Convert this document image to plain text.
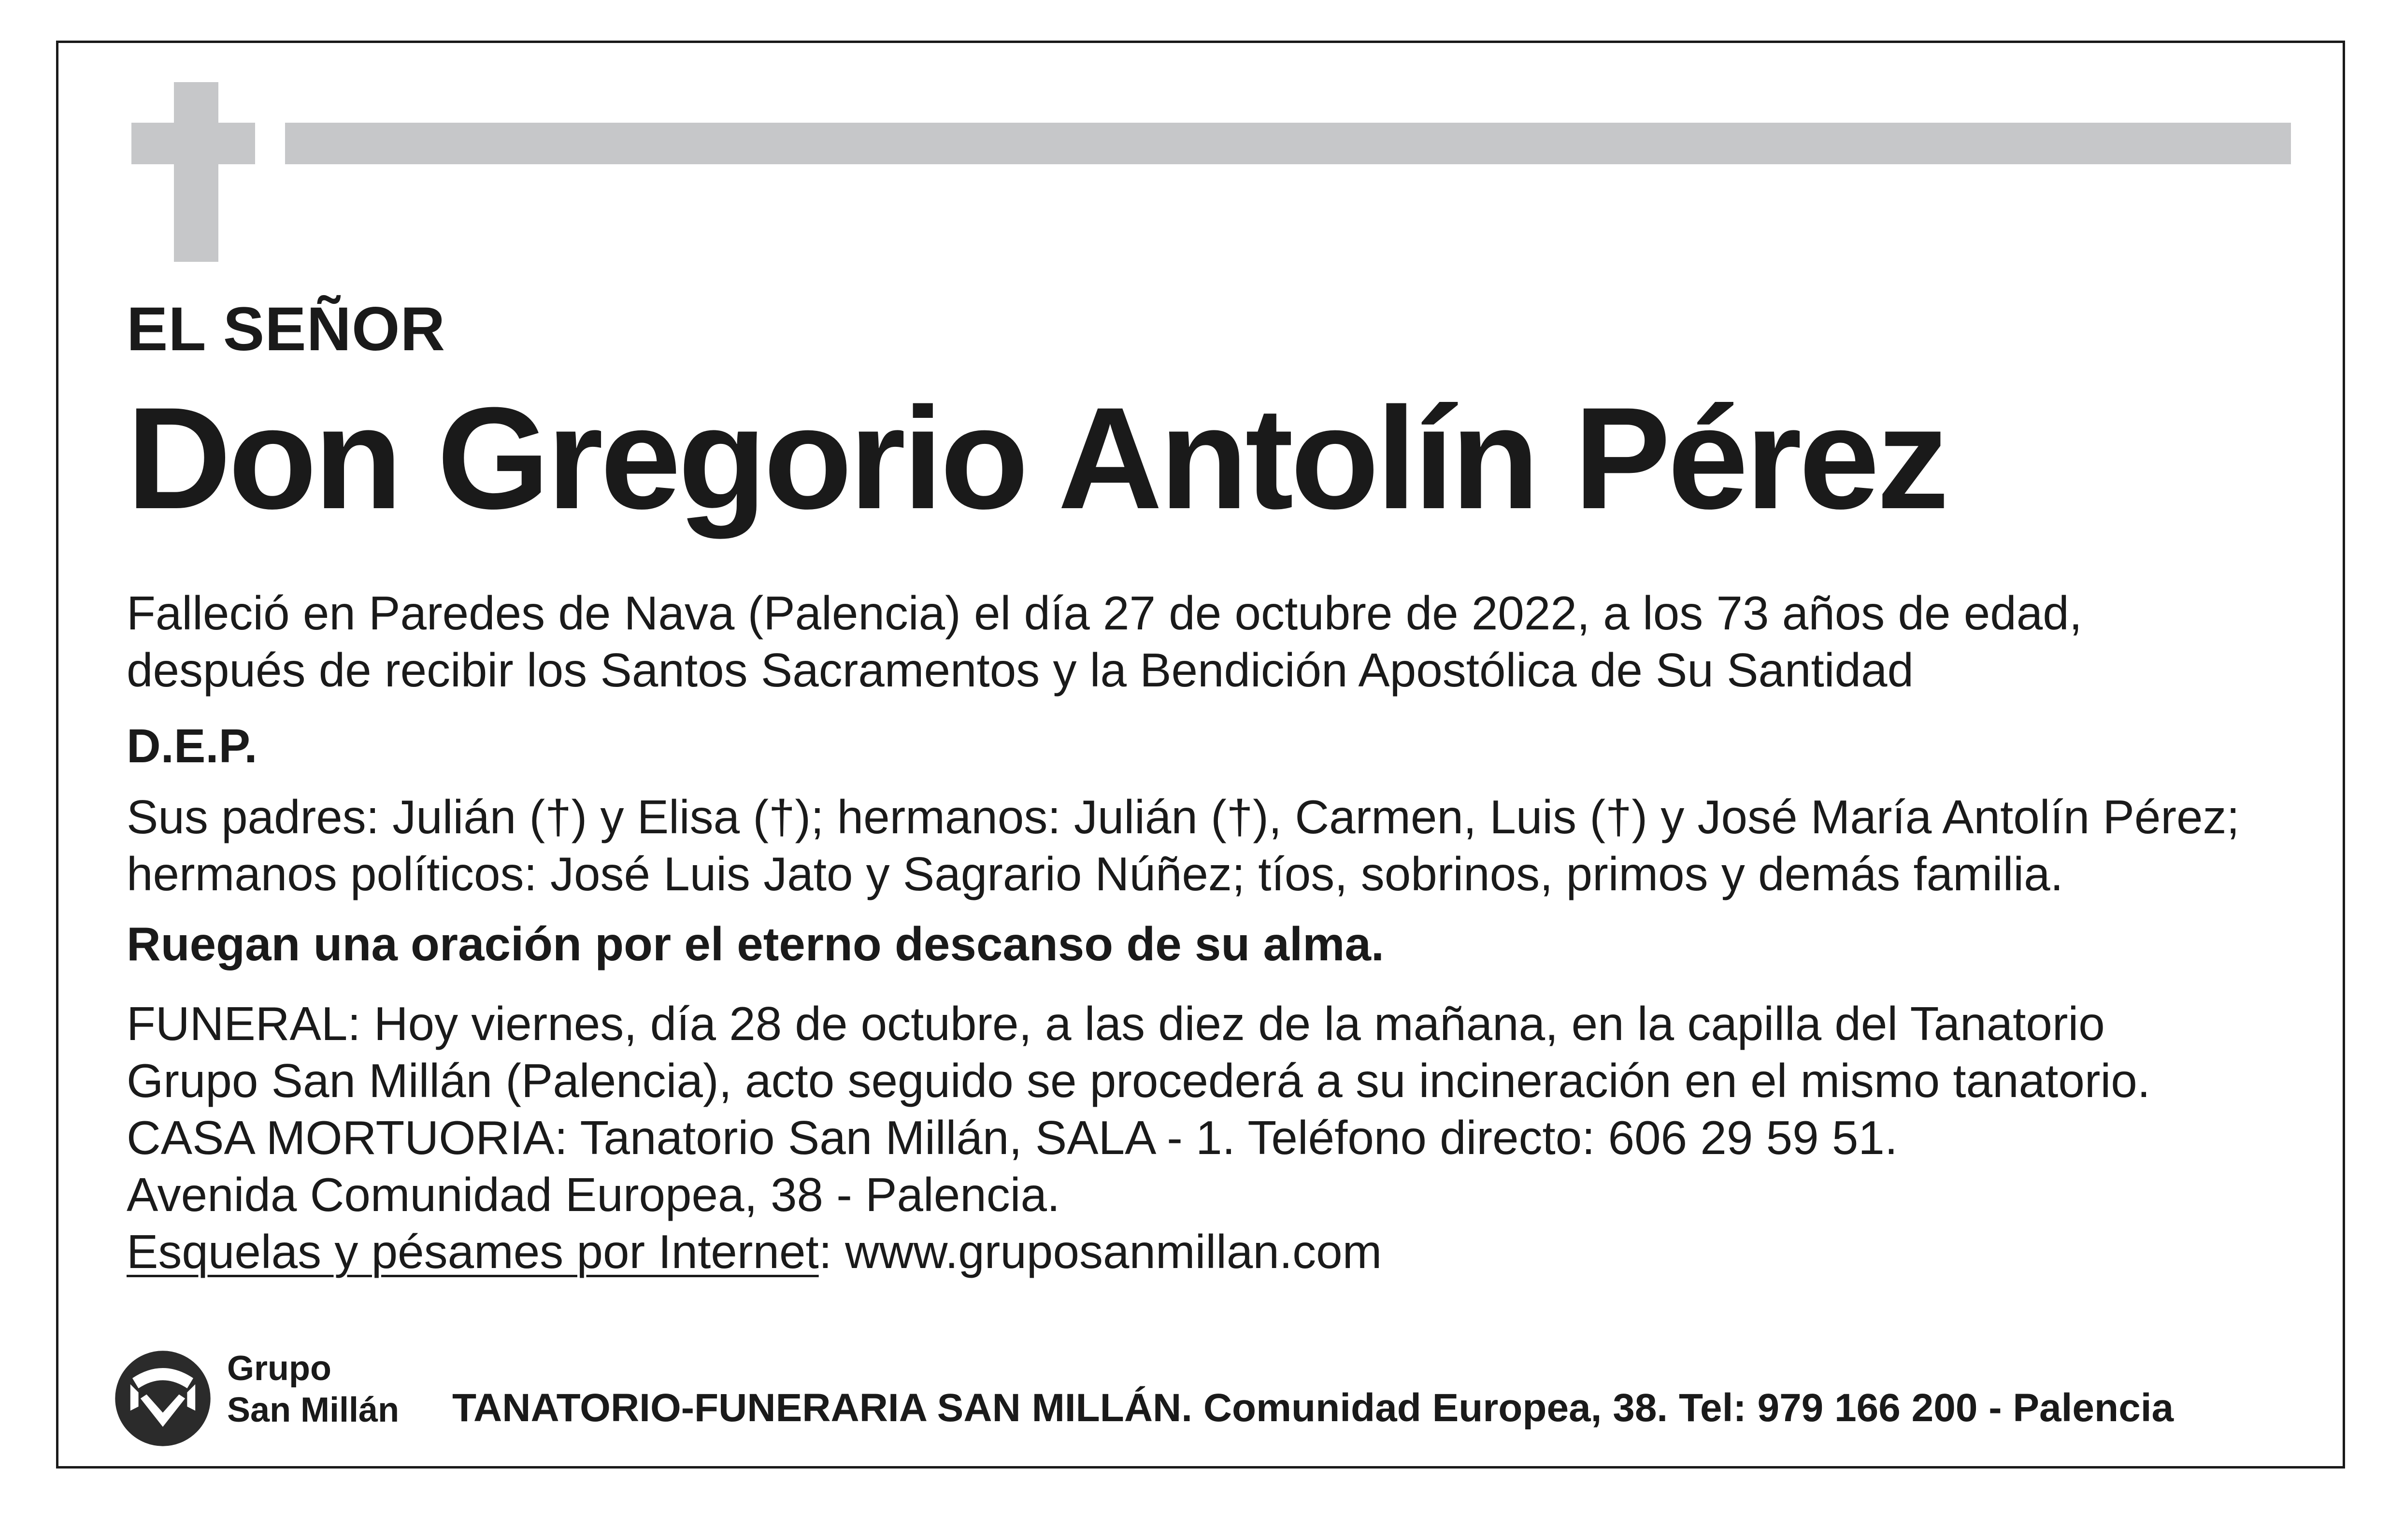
EL SEÑOR
Don Gregorio Antolín Pérez
Falleció en Paredes de Nava (Palencia) el día 27 de octubre de 2022, a los 73 años de edad,
después de recibir los Santos Sacramentos y la Bendición Apostólica de Su Santidad
D.E.P.
Sus padres: Julián (†) y Elisa (†); hermanos: Julián (†), Carmen, Luis (†) y José María Antolín Pérez;
hermanos políticos: José Luis Jato y Sagrario Núñez; tíos, sobrinos, primos y demás familia.
Ruegan una oración por el eterno descanso de su alma.
FUNERAL: Hoy viernes, día 28 de octubre, a las diez de la mañana, en la capilla del Tanatorio
Grupo San Millán (Palencia), acto seguido se procederá a su incineración en el mismo tanatorio.
CASA MORTUORIA: Tanatorio San Millán, SALA - 1. Teléfono directo: 606 29 59 51.
Avenida Comunidad Europea, 38 - Palencia.
Esquelas y pésames por Internet: www.gruposanmillan.com
Grupo
San Millán TANATORIO-FUNERARIA SAN MILLÁN. Comunidad Europea, 38. Tel: 979 166 200 - Palencia
